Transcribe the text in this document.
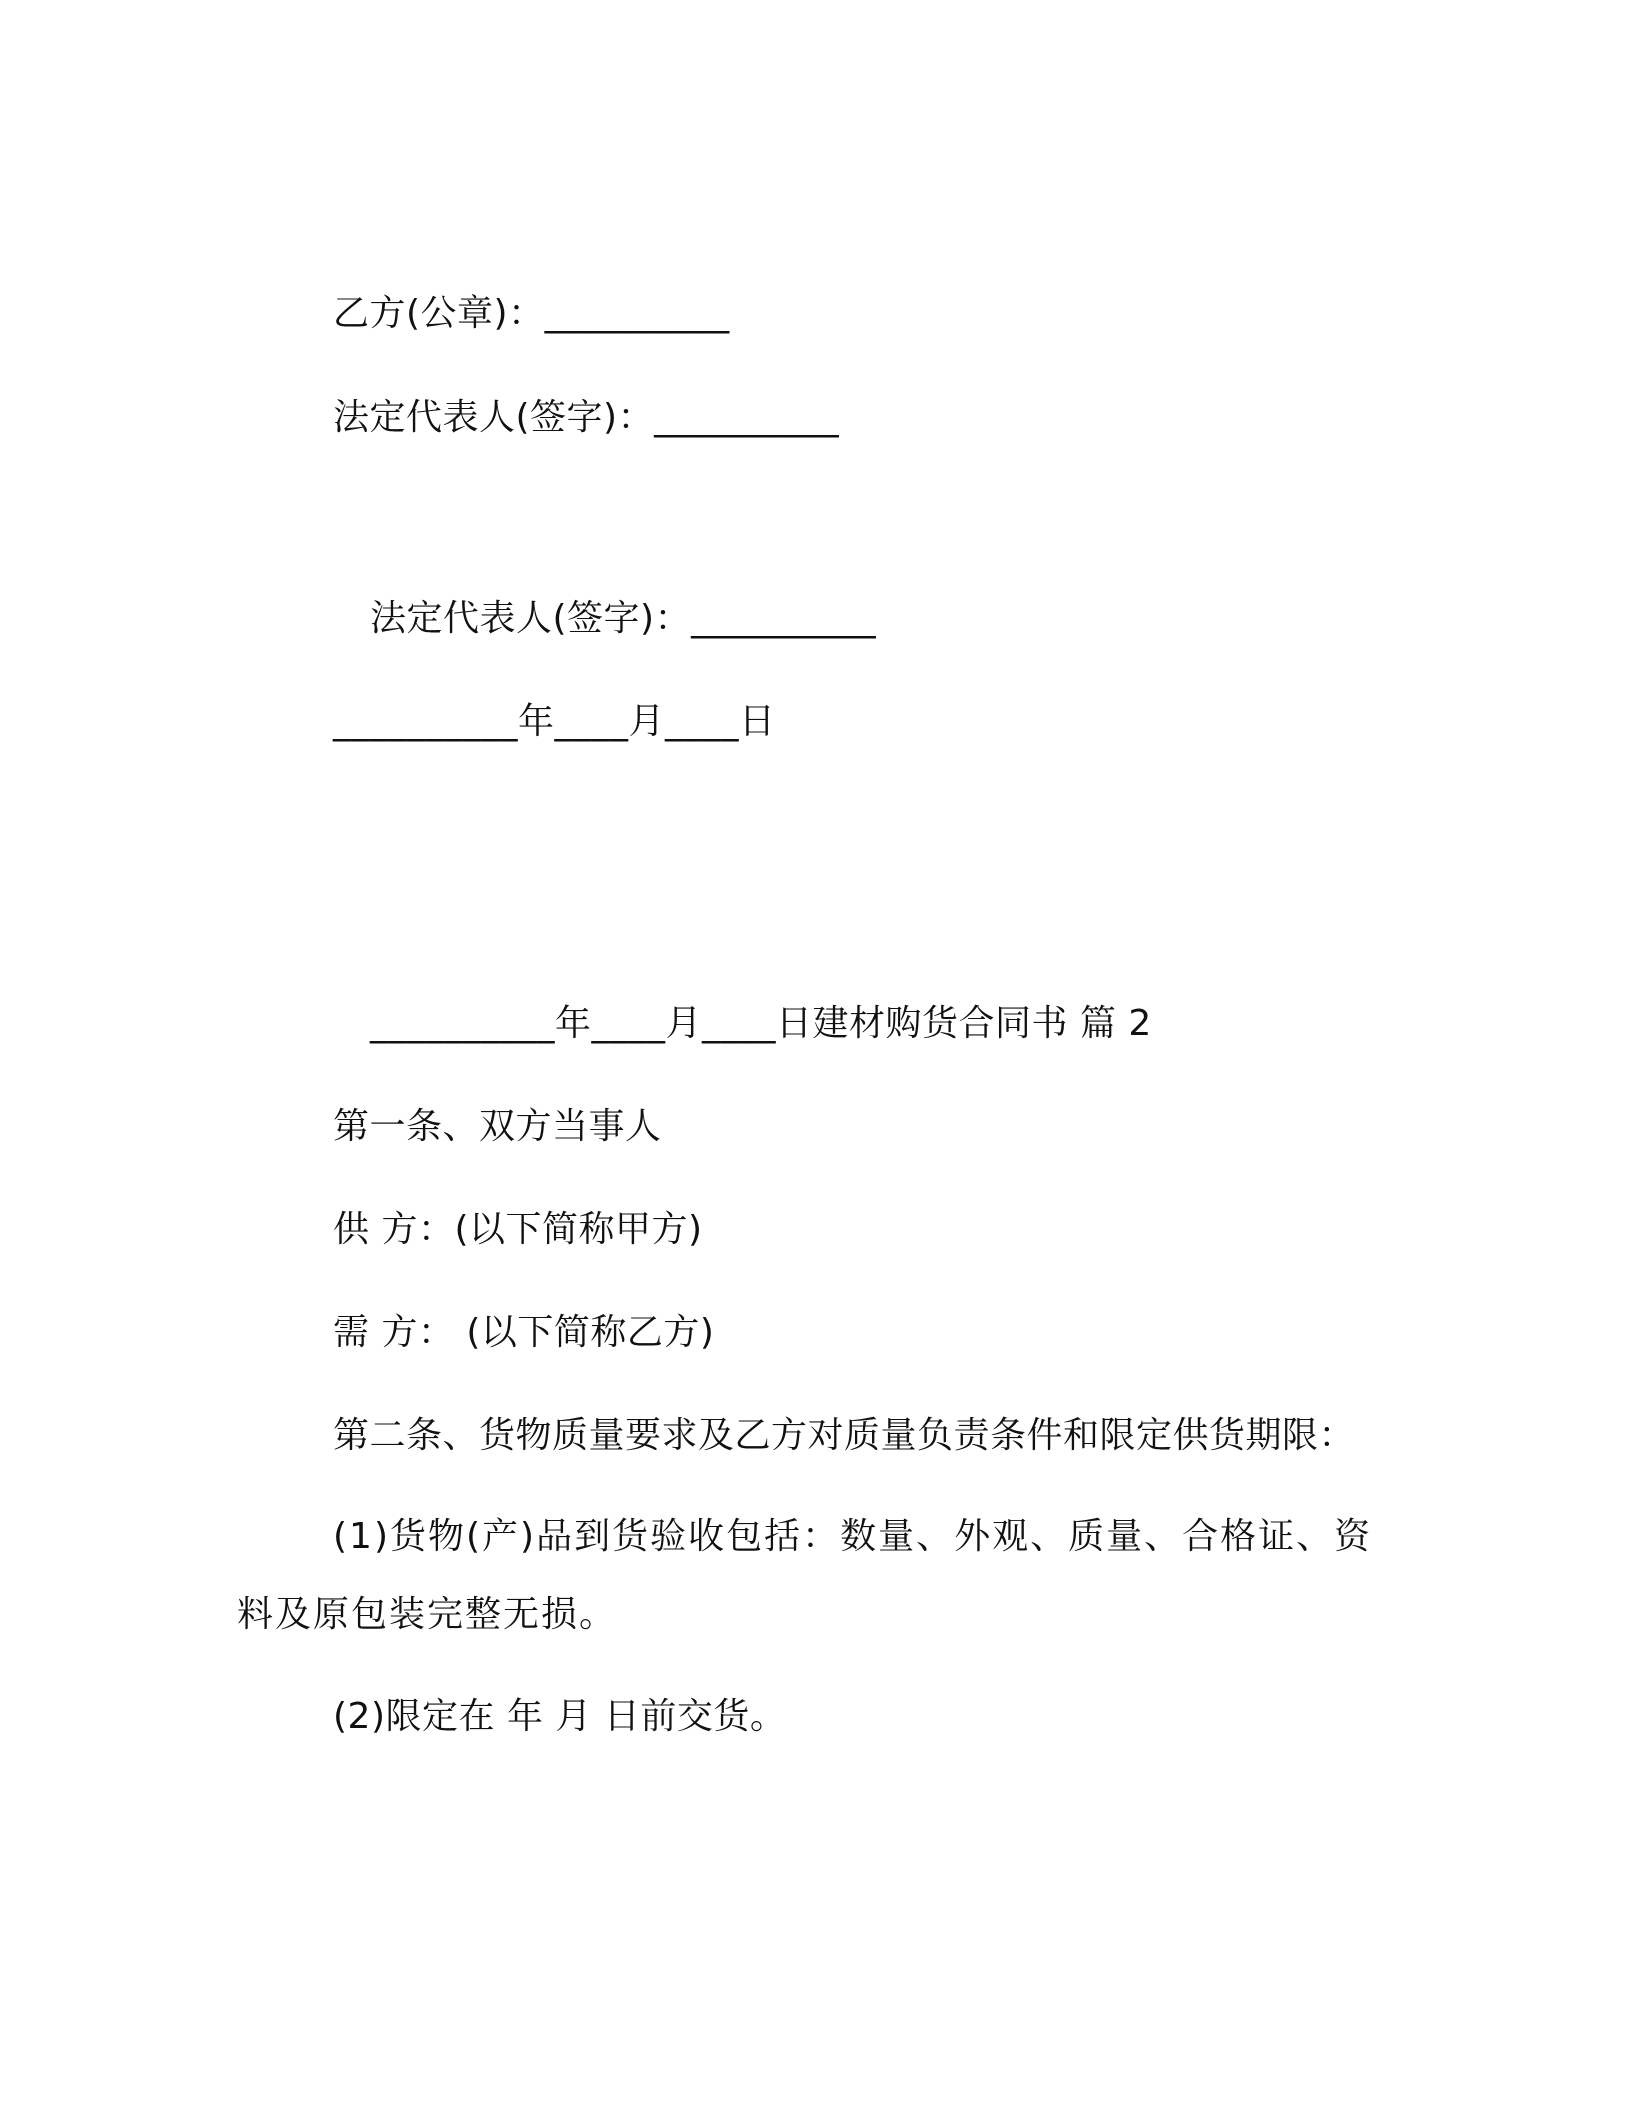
乙方(公章)：__________
法定代表人(签字)：__________
法定代表人(签字)：__________
__________年____月____日
__________年____月____日建材购货合同书 篇 2
第一条、双方当事人
供 方：(以下简称甲方)
需 方： (以下简称乙方)
第二条、货物质量要求及乙方对质量负责条件和限定供货期限：
(1)货物(产)品到货验收包括：数量、外观、质量、合格证、资料及原包装完整无损。
(2)限定在 年 月 日前交货。
